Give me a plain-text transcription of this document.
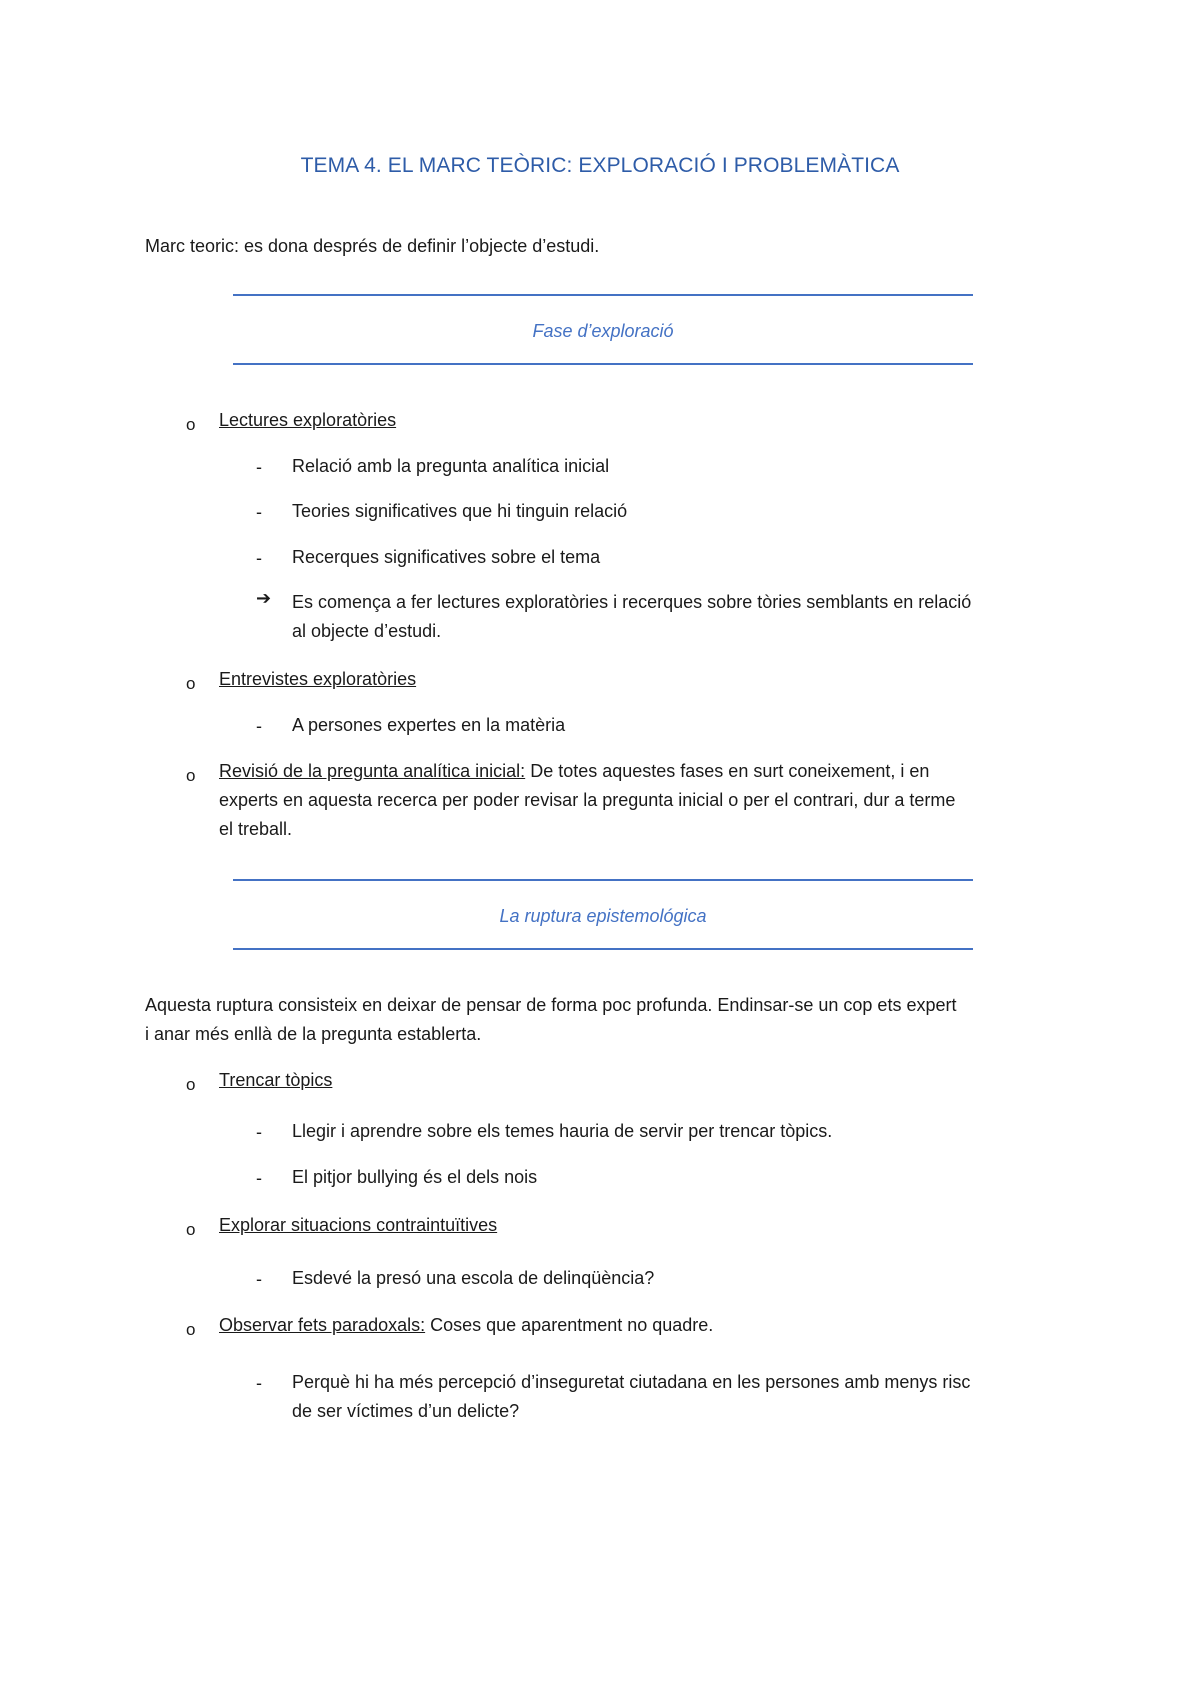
TEMA 4. EL MARC TEÒRIC: EXPLORACIÓ I PROBLEMÀTICA
Marc teoric: es dona després de definir l’objecte d’estudi.
Fase d’exploració
o Lectures exploratòries
- Relació amb la pregunta analítica inicial
- Teories significatives que hi tinguin relació
- Recerques significatives sobre el tema
➔ Es comença a fer lectures exploratòries i recerques sobre tòries semblants en relació
al objecte d’estudi.
o Entrevistes exploratòries
- A persones expertes en la matèria
o Revisió de la pregunta analítica inicial: De totes aquestes fases en surt coneixement, i en
experts en aquesta recerca per poder revisar la pregunta inicial o per el contrari, dur a terme
el treball.
La ruptura epistemológica
Aquesta ruptura consisteix en deixar de pensar de forma poc profunda. Endinsar-se un cop ets expert
i anar més enllà de la pregunta establerta.
o Trencar tòpics
- Llegir i aprendre sobre els temes hauria de servir per trencar tòpics.
- El pitjor bullying és el dels nois
o Explorar situacions contraintuïtives
- Esdevé la presó una escola de delinqüència?
o Observar fets paradoxals: Coses que aparentment no quadre.
- Perquè hi ha més percepció d’inseguretat ciutadana en les persones amb menys risc
de ser víctimes d’un delicte?
